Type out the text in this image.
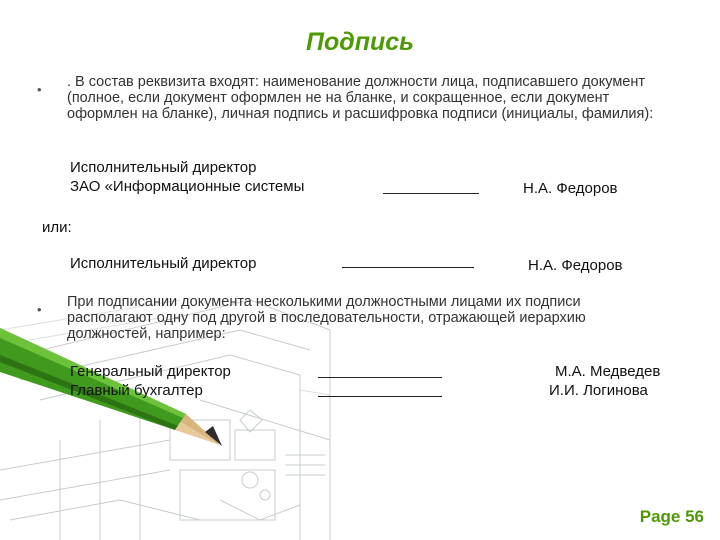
Подпись
• . В состав реквизита входят: наименование должности лица, подписавшего документ (полное, если документ оформлен не на бланке, и сокращенное, если документ оформлен на бланке), личная подпись и расшифровка подписи (инициалы, фамилия):
Исполнительный директор
ЗАО «Информационные системы	Н.А. Федоров
или:
Исполнительный директор	Н.А. Федоров
• При подписании документа несколькими должностными лицами их подписи располагают одну под другой в последовательности, отражающей иерархию должностей, например:
Генеральный директор	М.А. Медведев
Главный бухгалтер	И.И. Логинова
Page 56
